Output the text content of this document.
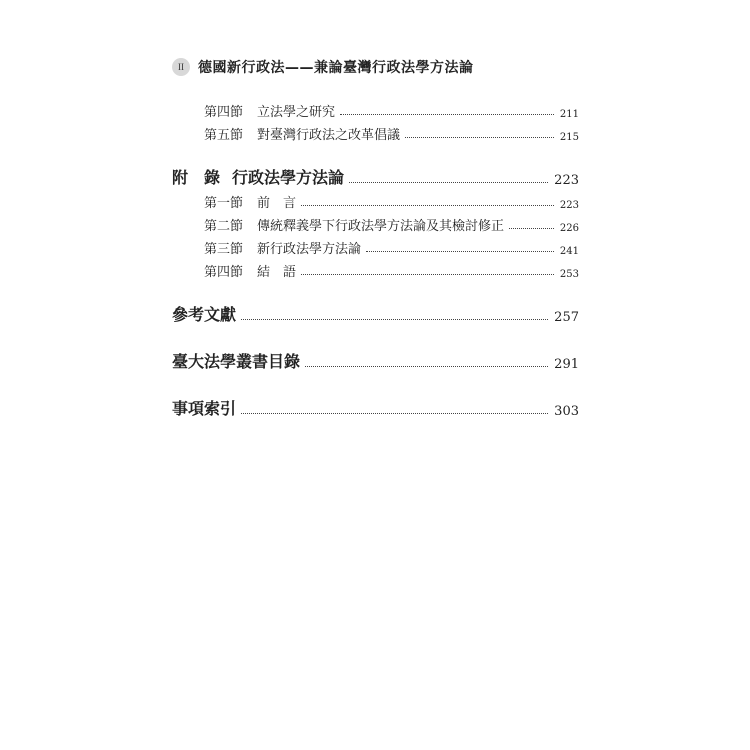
II	德國新行政法——兼論臺灣行政法學方法論
第四節 立法學之研究	211
第五節 對臺灣行政法之改革倡議	215
附　錄 行政法學方法論	223
第一節 前　言	223
第二節 傳統釋義學下行政法學方法論及其檢討修正	226
第三節 新行政法學方法論	241
第四節 結　語	253
參考文獻	257
臺大法學叢書目錄	291
事項索引	303
